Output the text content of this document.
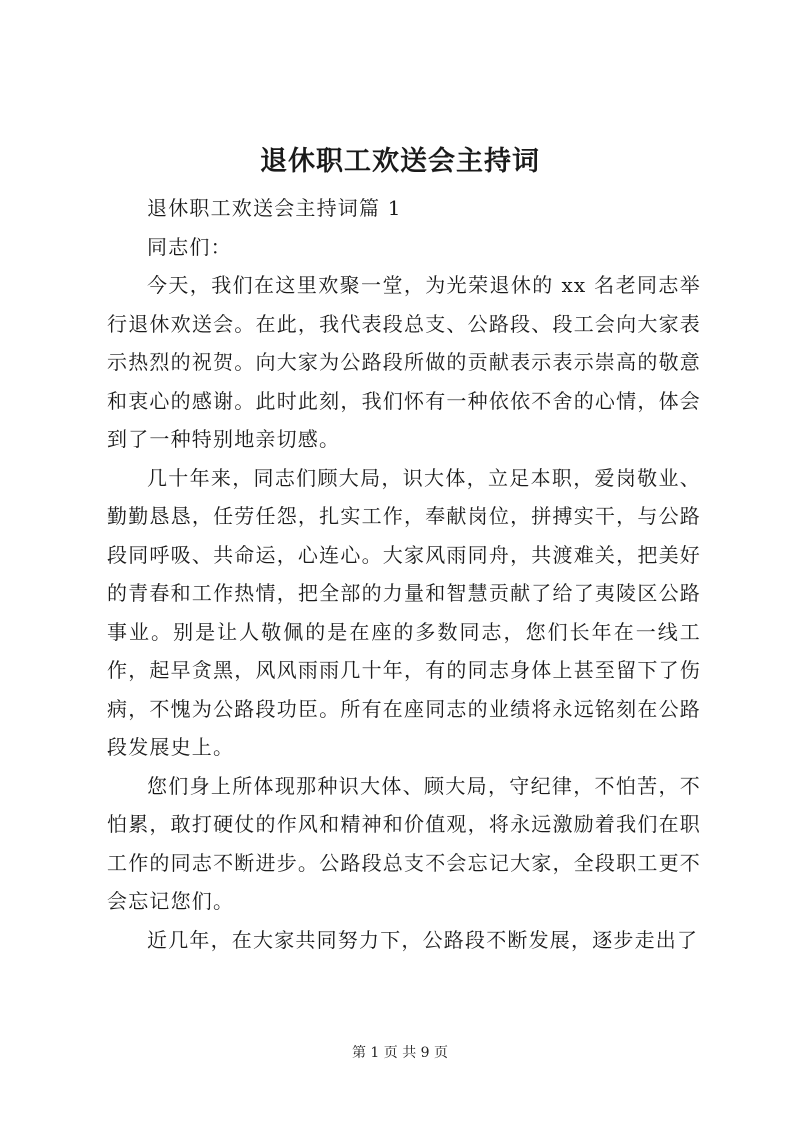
退休职工欢送会主持词

退休职工欢送会主持词篇 1

同志们：

今天，我们在这里欢聚一堂，为光荣退休的 xx 名老同志举行退休欢送会。在此，我代表段总支、公路段、段工会向大家表示热烈的祝贺。向大家为公路段所做的贡献表示表示崇高的敬意和衷心的感谢。此时此刻，我们怀有一种依依不舍的心情，体会到了一种特别地亲切感。

几十年来，同志们顾大局，识大体，立足本职，爱岗敬业、勤勤恳恳，任劳任怨，扎实工作，奉献岗位，拼搏实干，与公路段同呼吸、共命运，心连心。大家风雨同舟，共渡难关，把美好的青春和工作热情，把全部的力量和智慧贡献了给了夷陵区公路事业。别是让人敬佩的是在座的多数同志，您们长年在一线工作，起早贪黑，风风雨雨几十年，有的同志身体上甚至留下了伤病，不愧为公路段功臣。所有在座同志的业绩将永远铭刻在公路段发展史上。

您们身上所体现那种识大体、顾大局，守纪律，不怕苦，不怕累，敢打硬仗的作风和精神和价值观，将永远激励着我们在职工作的同志不断进步。公路段总支不会忘记大家，全段职工更不会忘记您们。

近几年，在大家共同努力下，公路段不断发展，逐步走出了

第 1 页 共 9 页
